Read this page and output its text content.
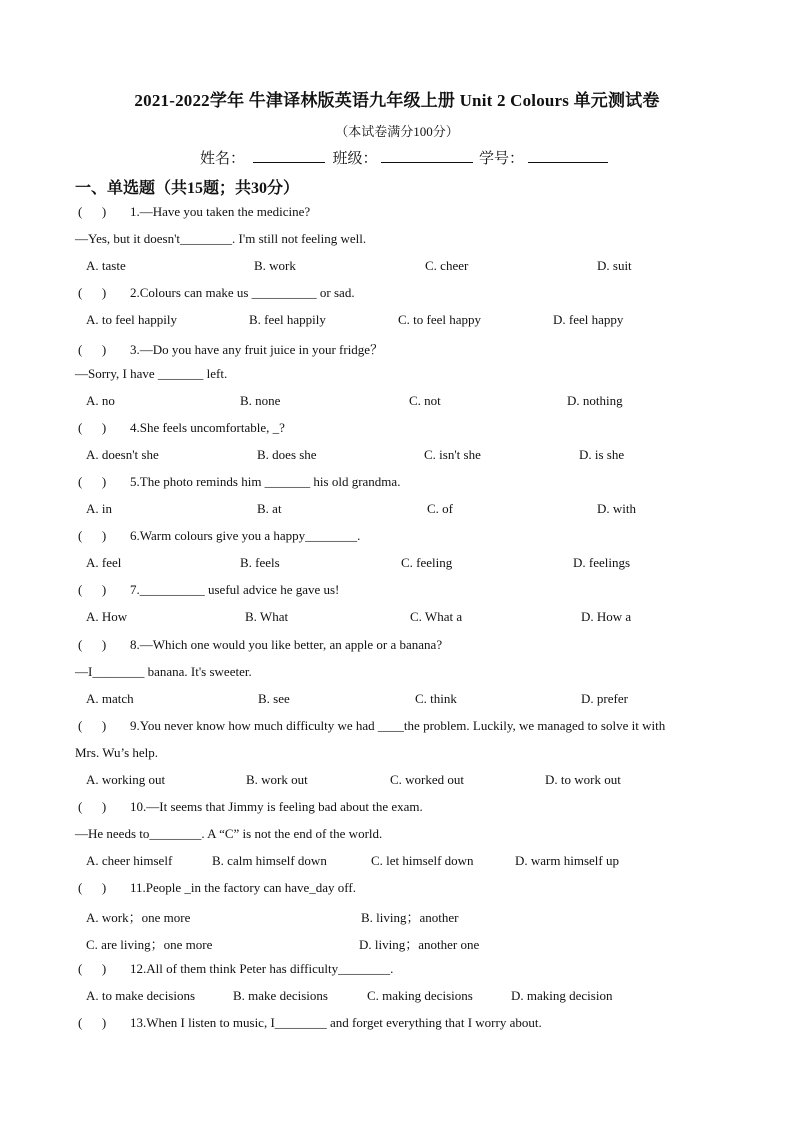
2021-2022学年 牛津译林版英语九年级上册 Unit 2 Colours 单元测试卷
（本试卷满分100分）
姓名：	班级：	学号：
一、单选题（共15题；共30分）
(      ) 1.—Have you taken the medicine?
—Yes, but it doesn't________. I'm still not feeling well.
A. taste	B. work	C. cheer	D. suit
(      ) 2.Colours can make us __________ or sad.
A. to feel happily	B. feel happily	C. to feel happy	D. feel happy
(      ) 3.—Do you have any fruit juice in your fridge？
—Sorry, I have _______ left.
A. no	B. none	C. not	D. nothing
(      ) 4.She feels uncomfortable, _?
A. doesn't she	B. does she	C. isn't she	D. is she
(      ) 5.The photo reminds him _______ his old grandma.
A. in	B. at	C. of	D. with
(      ) 6.Warm colours give you a happy________.
A. feel	B. feels	C. feeling	D. feelings
(      ) 7.__________ useful advice he gave us!
A. How	B. What	C. What a	D. How a
(      ) 8.—Which one would you like better, an apple or a banana?
—I________ banana. It's sweeter.
A. match	B. see	C. think	D. prefer
(      ) 9.You never know how much difficulty we had ____the problem. Luckily, we managed to solve it with
Mrs. Wu’s help.
A. working out	B. work out	C. worked out	D. to work out
(      ) 10.—It seems that Jimmy is feeling bad about the exam.
—He needs to________. A “C” is not the end of the world.
A. cheer himself	B. calm himself down	C. let himself down	D. warm himself up
(      ) 11.People _in the factory can have_day off.
A. work；one more	B. living；another
C. are living；one more	D. living；another one
(      ) 12.All of them think Peter has difficulty________.
A. to make decisions	B. make decisions	C. making decisions	D. making decision
(      ) 13.When I listen to music, I________ and forget everything that I worry about.
